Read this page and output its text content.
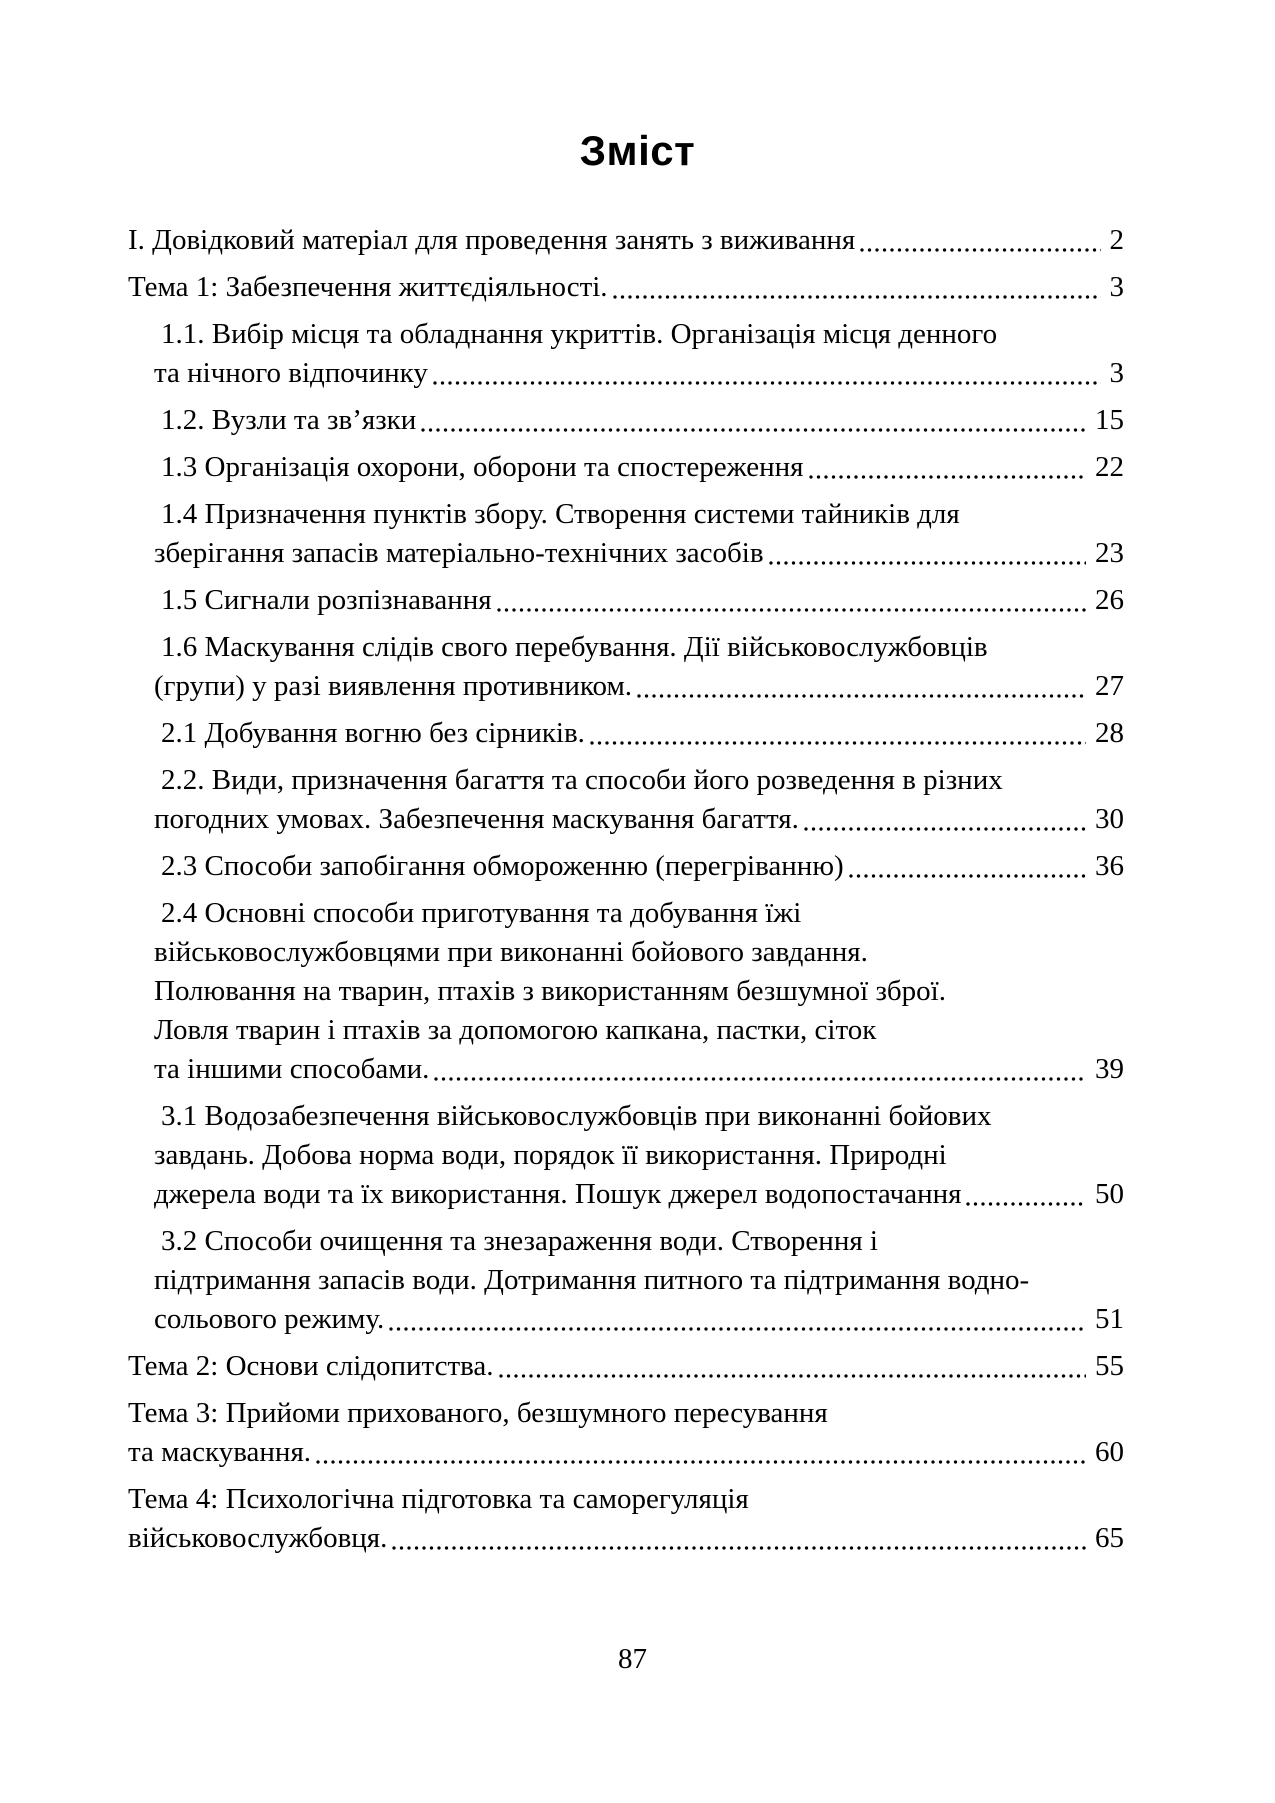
Зміст
І. Довідковий матеріал для проведення занять з виживання	2
Тема 1: Забезпечення життєдіяльності.	3
1.1. Вибір місця та обладнання укриттів. Організація місця денного
та нічного відпочинку	3
1.2. Вузли та зв’язки	15
1.3 Організація охорони, оборони та спостереження	22
1.4 Призначення пунктів збору. Створення системи тайників для
зберігання запасів матеріально-технічних засобів	23
1.5 Сигнали розпізнавання	26
1.6 Маскування слідів свого перебування. Дії військовослужбовців
(групи) у разі виявлення противником.	27
2.1 Добування вогню без сірників.	28
2.2. Види, призначення багаття та способи його розведення в різних
погодних умовах. Забезпечення маскування багаття.	30
2.3 Способи запобігання обмороженню (перегріванню)	36
2.4 Основні способи приготування та добування їжі
військовослужбовцями при виконанні бойового завдання.
Полювання на тварин, птахів з використанням безшумної зброї.
Ловля тварин і птахів за допомогою капкана, пастки, сіток
та іншими способами.	39
3.1 Водозабезпечення військовослужбовців при виконанні бойових
завдань. Добова норма води, порядок її використання. Природні
джерела води та їх використання. Пошук джерел водопостачання	50
3.2 Способи очищення та знезараження води. Створення і
підтримання запасів води. Дотримання питного та підтримання водно-
сольового режиму.	51
Тема 2: Основи слідопитства.	55
Тема 3: Прийоми прихованого, безшумного пересування
та маскування.	60
Тема 4: Психологічна підготовка та саморегуляція
військовослужбовця.	65
87
